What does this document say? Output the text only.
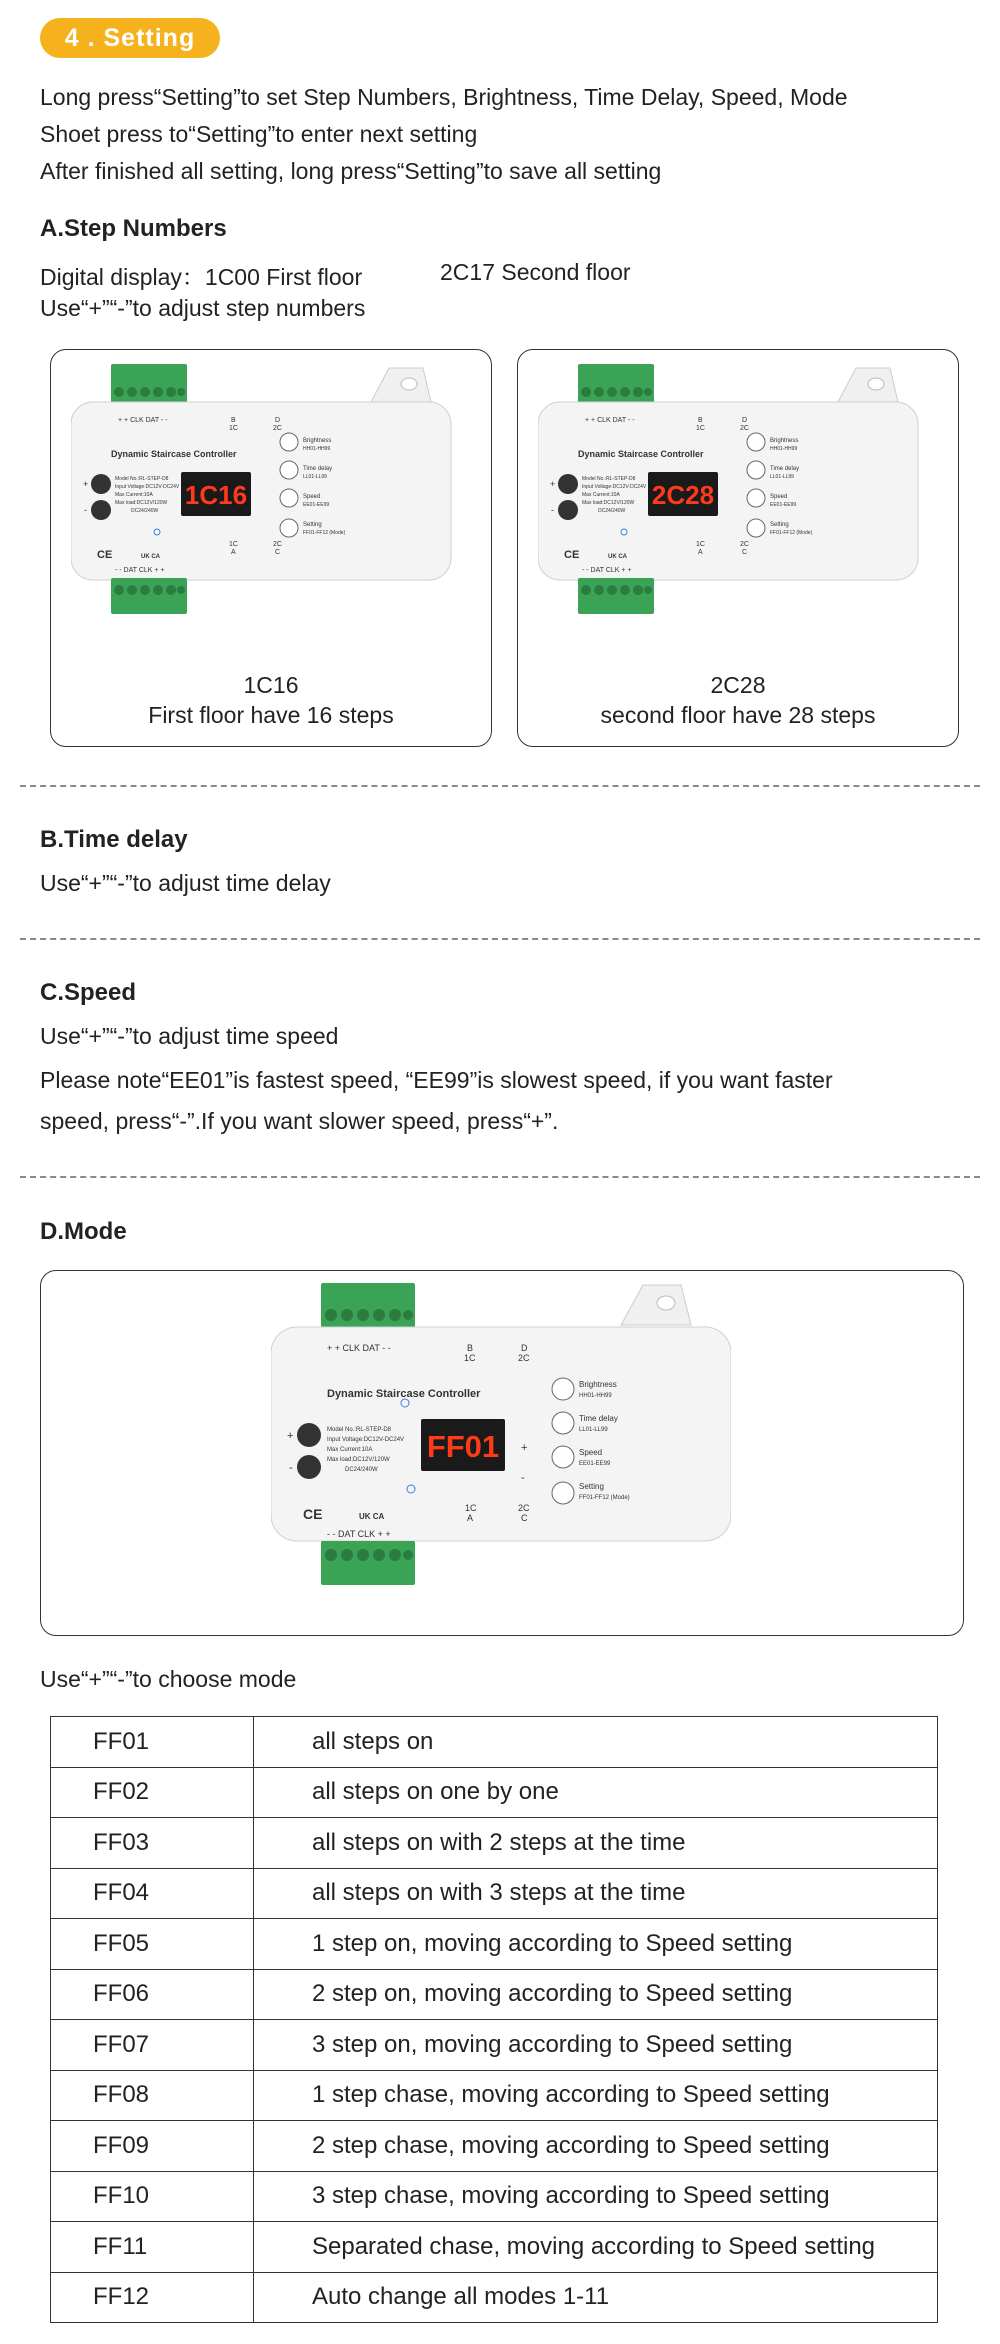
4 . Setting
Long press“Setting”to set Step Numbers, Brightness, Time Delay, Speed, Mode
Shoet press to“Setting”to enter next setting
After finished all setting, long press“Setting”to save all setting
A.Step Numbers
Digital display：1C00 First floor	2C17 Second floor
Use“+”“-”to adjust step numbers
+ + CLK DAT - -	B
1C
D
2C
Dynamic Staircase Controller
+
-
Model No.:RL-STEP-D8
Input Voltage:DC12V-DC24V
Max Current:10A
Max load:DC12V/120W
DC24/240W
1C16
Brightness
HH01-HH99
Time delay
LL01-LL99
Speed
EE01-EE99
Setting
FF01-FF12 (Mode)
CE	UK CA
1C
A
2C
C
- - DAT CLK + +
1C16
First floor have 16 steps
+ + CLK DAT - -	B
1C
D
2C
Dynamic Staircase Controller
+
-
Model No.:RL-STEP-D8
Input Voltage:DC12V-DC24V
Max Current:10A
Max load:DC12V/120W
DC24/240W
2C28
Brightness
HH01-HH99
Time delay
LL01-LL99
Speed
EE01-EE99
Setting
FF01-FF12 (Mode)
CE	UK CA
1C
A
2C
C
- - DAT CLK + +
2C28
second floor have 28 steps
B.Time delay
Use“+”“-”to adjust time delay
C.Speed
Use“+”“-”to adjust time speed
Please note“EE01”is fastest speed, “EE99”is slowest speed, if you want faster
speed, press“-”.If you want slower speed, press“+”.
D.Mode
+ + CLK DAT - -	B
1C
D
2C
Dynamic Staircase Controller
+
-
Model No.:RL-STEP-D8
Input Voltage:DC12V-DC24V
Max Current:10A
Max load:DC12V/120W
DC24/240W
FF01 +
-
Brightness
HH01-HH99
Time delay
LL01-LL99
Speed
EE01-EE99
Setting
FF01-FF12 (Mode)
CE	UK CA
1C
A
2C
C
- - DAT CLK + +
Use“+”“-”to choose mode
FF01	all steps on
FF02	all steps on one by one
FF03	all steps on with 2 steps at the time
FF04	all steps on with 3 steps at the time
FF05	1 step on, moving according to Speed setting
FF06	2 step on, moving according to Speed setting
FF07	3 step on, moving according to Speed setting
FF08	1 step chase, moving according to Speed setting
FF09	2 step chase, moving according to Speed setting
FF10	3 step chase, moving according to Speed setting
FF11	Separated chase, moving according to Speed setting
FF12	Auto change all modes 1-11
